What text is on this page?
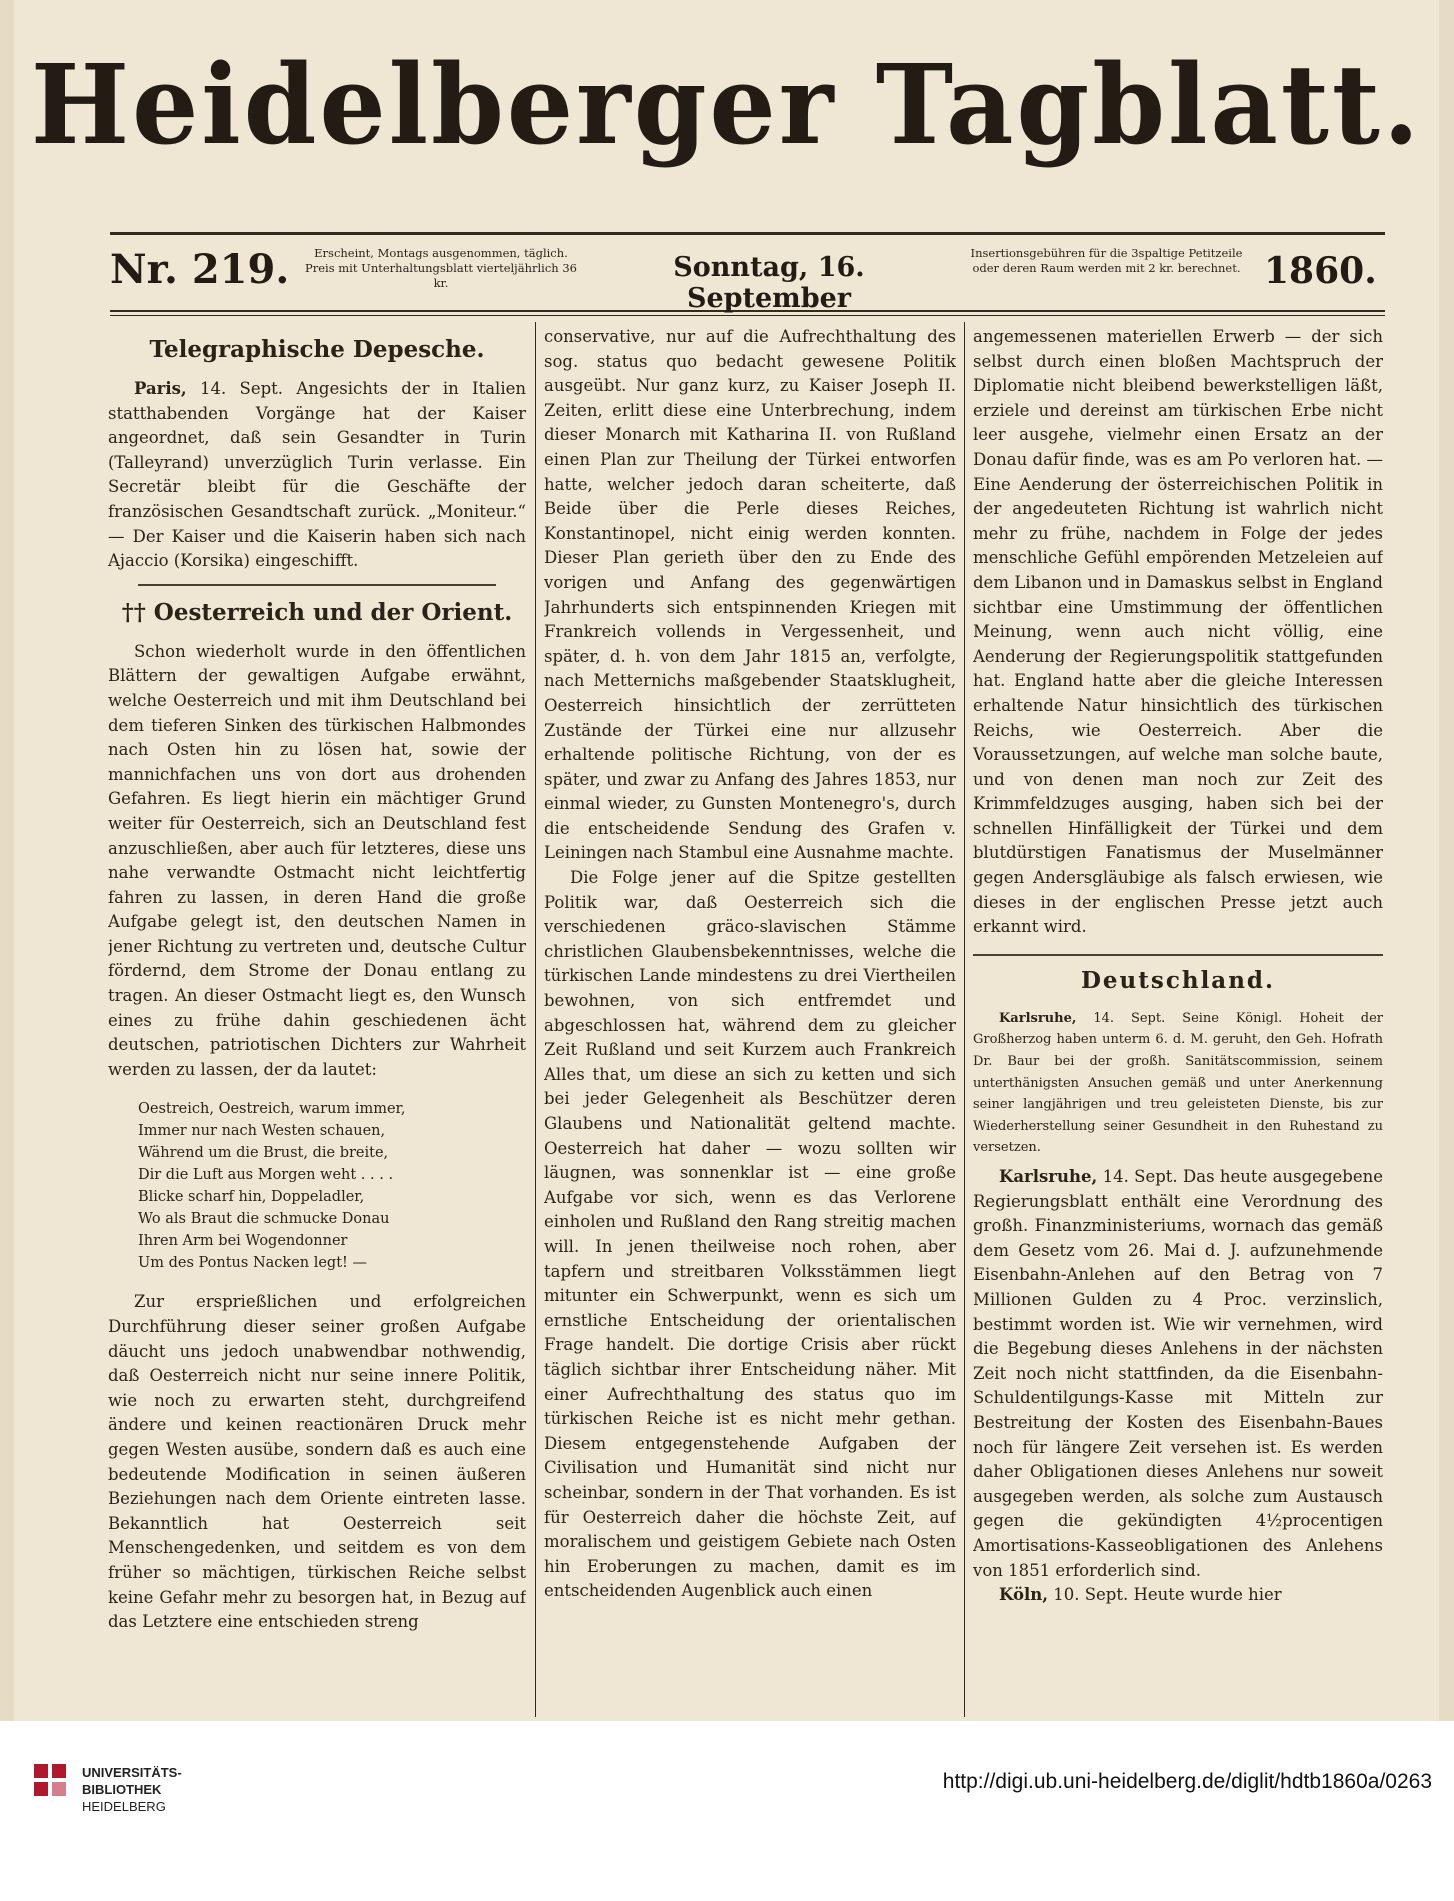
Heidelberger Tagblatt.
Nr. 219.	Erscheint, Montags ausgenommen, täglich. Preis mit Unterhaltungsblatt vierteljährlich 36 kr.	Sonntag, 16. September
Insertionsgebühren für die 3spaltige Petitzeile oder deren Raum werden mit 2 kr. berechnet. 1860.
Telegraphische Depesche.

Paris, 14. Sept. Angesichts der in Italien statthabenden Vorgänge hat der Kaiser angeordnet, daß sein Gesandter in Turin (Talleyrand) unverzüglich Turin verlasse. Ein Secretär bleibt für die Geschäfte der französischen Gesandtschaft zurück. „Moniteur.“ — Der Kaiser und die Kaiserin haben sich nach Ajaccio (Korsika) eingeschifft.

†† Oesterreich und der Orient.

Schon wiederholt wurde in den öffentlichen Blättern der gewaltigen Aufgabe erwähnt, welche Oesterreich und mit ihm Deutschland bei dem tieferen Sinken des türkischen Halbmondes nach Osten hin zu lösen hat, sowie der mannichfachen uns von dort aus drohenden Gefahren. Es liegt hierin ein mächtiger Grund weiter für Oesterreich, sich an Deutschland fest anzuschließen, aber auch für letzteres, diese uns nahe verwandte Ostmacht nicht leichtfertig fahren zu lassen, in deren Hand die große Aufgabe gelegt ist, den deutschen Namen in jener Richtung zu vertreten und, deutsche Cultur fördernd, dem Strome der Donau entlang zu tragen. An dieser Ostmacht liegt es, den Wunsch eines zu frühe dahin geschiedenen ächt deutschen, patriotischen Dichters zur Wahrheit werden zu lassen, der da lautet:

Oestreich, Oestreich, warum immer,
Immer nur nach Westen schauen,
Während um die Brust, die breite,
Dir die Luft aus Morgen weht . . . .
Blicke scharf hin, Doppeladler,
Wo als Braut die schmucke Donau
Ihren Arm bei Wogendonner
Um des Pontus Nacken legt! —

Zur ersprießlichen und erfolgreichen Durchführung dieser seiner großen Aufgabe däucht uns jedoch unabwendbar nothwendig, daß Oesterreich nicht nur seine innere Politik, wie noch zu erwarten steht, durchgreifend ändere und keinen reactionären Druck mehr gegen Westen ausübe, sondern daß es auch eine bedeutende Modification in seinen äußeren Beziehungen nach dem Oriente eintreten lasse. Bekanntlich hat Oesterreich seit Menschengedenken, und seitdem es von dem früher so mächtigen, türkischen Reiche selbst keine Gefahr mehr zu besorgen hat, in Bezug auf das Letztere eine entschieden streng

conservative, nur auf die Aufrechthaltung des sog. status quo bedacht gewesene Politik ausgeübt. Nur ganz kurz, zu Kaiser Joseph II. Zeiten, erlitt diese eine Unterbrechung, indem dieser Monarch mit Katharina II. von Rußland einen Plan zur Theilung der Türkei entworfen hatte, welcher jedoch daran scheiterte, daß Beide über die Perle dieses Reiches, Konstantinopel, nicht einig werden konnten. Dieser Plan gerieth über den zu Ende des vorigen und Anfang des gegenwärtigen Jahrhunderts sich entspinnenden Kriegen mit Frankreich vollends in Vergessenheit, und später, d. h. von dem Jahr 1815 an, verfolgte, nach Metternichs maßgebender Staatsklugheit, Oesterreich hinsichtlich der zerrütteten Zustände der Türkei eine nur allzusehr erhaltende politische Richtung, von der es später, und zwar zu Anfang des Jahres 1853, nur einmal wieder, zu Gunsten Montenegro's, durch die entscheidende Sendung des Grafen v. Leiningen nach Stambul eine Ausnahme machte.

Die Folge jener auf die Spitze gestellten Politik war, daß Oesterreich sich die verschiedenen gräco-slavischen Stämme christlichen Glaubensbekenntnisses, welche die türkischen Lande mindestens zu drei Viertheilen bewohnen, von sich entfremdet und abgeschlossen hat, während dem zu gleicher Zeit Rußland und seit Kurzem auch Frankreich Alles that, um diese an sich zu ketten und sich bei jeder Gelegenheit als Beschützer deren Glaubens und Nationalität geltend machte. Oesterreich hat daher — wozu sollten wir läugnen, was sonnenklar ist — eine große Aufgabe vor sich, wenn es das Verlorene einholen und Rußland den Rang streitig machen will. In jenen theilweise noch rohen, aber tapfern und streitbaren Volksstämmen liegt mitunter ein Schwerpunkt, wenn es sich um ernstliche Entscheidung der orientalischen Frage handelt. Die dortige Crisis aber rückt täglich sichtbar ihrer Entscheidung näher. Mit einer Aufrechthaltung des status quo im türkischen Reiche ist es nicht mehr gethan. Diesem entgegenstehende Aufgaben der Civilisation und Humanität sind nicht nur scheinbar, sondern in der That vorhanden. Es ist für Oesterreich daher die höchste Zeit, auf moralischem und geistigem Gebiete nach Osten hin Eroberungen zu machen, damit es im entscheidenden Augenblick auch einen

angemessenen materiellen Erwerb — der sich selbst durch einen bloßen Machtspruch der Diplomatie nicht bleibend bewerkstelligen läßt, erziele und dereinst am türkischen Erbe nicht leer ausgehe, vielmehr einen Ersatz an der Donau dafür finde, was es am Po verloren hat. — Eine Aenderung der österreichischen Politik in der angedeuteten Richtung ist wahrlich nicht mehr zu frühe, nachdem in Folge der jedes menschliche Gefühl empörenden Metzeleien auf dem Libanon und in Damaskus selbst in England sichtbar eine Umstimmung der öffentlichen Meinung, wenn auch nicht völlig, eine Aenderung der Regierungspolitik stattgefunden hat. England hatte aber die gleiche Interessen erhaltende Natur hinsichtlich des türkischen Reichs, wie Oesterreich. Aber die Voraussetzungen, auf welche man solche baute, und von denen man noch zur Zeit des Krimmfeldzuges ausging, haben sich bei der schnellen Hinfälligkeit der Türkei und dem blutdürstigen Fanatismus der Muselmänner gegen Andersgläubige als falsch erwiesen, wie dieses in der englischen Presse jetzt auch erkannt wird.

Deutschland.

Karlsruhe, 14. Sept. Seine Königl. Hoheit der Großherzog haben unterm 6. d. M. geruht, den Geh. Hofrath Dr. Baur bei der großh. Sanitätscommission, seinem unterthänigsten Ansuchen gemäß und unter Anerkennung seiner langjährigen und treu geleisteten Dienste, bis zur Wiederherstellung seiner Gesundheit in den Ruhestand zu versetzen.

Karlsruhe, 14. Sept. Das heute ausgegebene Regierungsblatt enthält eine Verordnung des großh. Finanzministeriums, wornach das gemäß dem Gesetz vom 26. Mai d. J. aufzunehmende Eisenbahn-Anlehen auf den Betrag von 7 Millionen Gulden zu 4 Proc. verzinslich, bestimmt worden ist. Wie wir vernehmen, wird die Begebung dieses Anlehens in der nächsten Zeit noch nicht stattfinden, da die Eisenbahn-Schuldentilgungs-Kasse mit Mitteln zur Bestreitung der Kosten des Eisenbahn-Baues noch für längere Zeit versehen ist. Es werden daher Obligationen dieses Anlehens nur soweit ausgegeben werden, als solche zum Austausch gegen die gekündigten 4½procentigen Amortisations-Kasseobligationen des Anlehens von 1851 erforderlich sind.

Köln, 10. Sept. Heute wurde hier

UNIVERSITÄTS-
BIBLIOTHEK
HEIDELBERG
http://digi.ub.uni-heidelberg.de/diglit/hdtb1860a/0263
